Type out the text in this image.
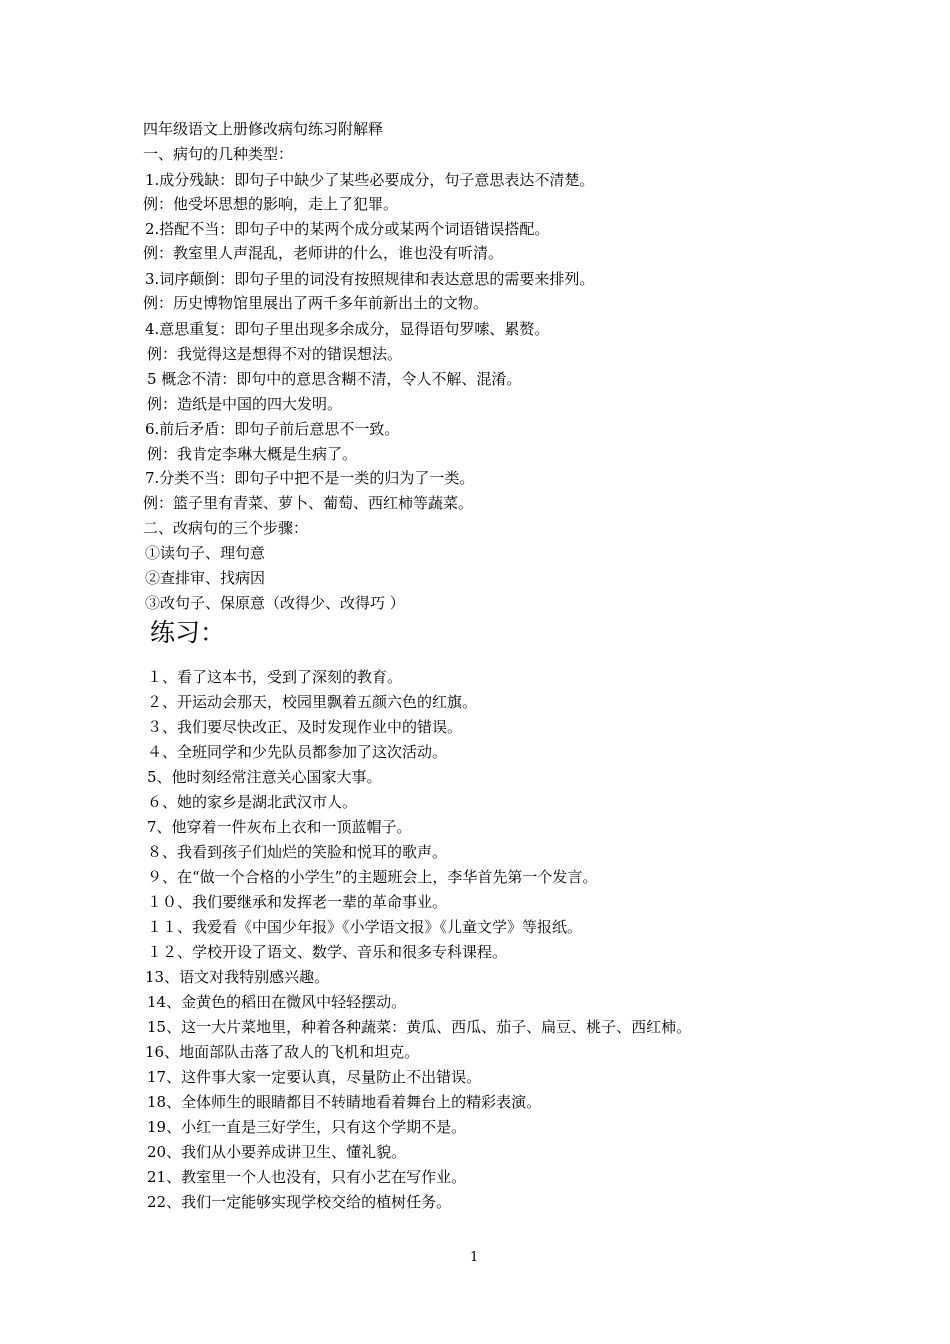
四年级语文上册修改病句练习附解释
一、病句的几种类型：
1.成分残缺：即句子中缺少了某些必要成分，句子意思表达不清楚。
例：他受坏思想的影响，走上了犯罪。
2.搭配不当：即句子中的某两个成分或某两个词语错误搭配。
例：教室里人声混乱，老师讲的什么，谁也没有听清。
3.词序颠倒：即句子里的词没有按照规律和表达意思的需要来排列。
例：历史博物馆里展出了两千多年前新出土的文物。
4.意思重复：即句子里出现多余成分，显得语句罗嗦、累赘。
例：我觉得这是想得不对的错误想法。
5 概念不清：即句中的意思含糊不清，令人不解、混淆。
例：造纸是中国的四大发明。
6.前后矛盾：即句子前后意思不一致。
例：我肯定李琳大概是生病了。
7.分类不当：即句子中把不是一类的归为了一类。
例：篮子里有青菜、萝卜、葡萄、西红柿等蔬菜。
二、改病句的三个步骤：
①读句子、理句意
②查排审、找病因
③改句子、保原意（改得少、改得巧 ）
练习：
１、看了这本书，受到了深刻的教育。
２、开运动会那天，校园里飘着五颜六色的红旗。
３、我们要尽快改正、及时发现作业中的错误。
４、全班同学和少先队员都参加了这次活动。
5、他时刻经常注意关心国家大事。
６、她的家乡是湖北武汉市人。
7、他穿着一件灰布上衣和一顶蓝帽子。
８、我看到孩子们灿烂的笑脸和悦耳的歌声。
９、在“做一个合格的小学生”的主题班会上，李华首先第一个发言。
１０、我们要继承和发挥老一辈的革命事业。
１１、我爱看《中国少年报》《小学语文报》《儿童文学》等报纸。
１２、学校开设了语文、数学、音乐和很多专科课程。
13、语文对我特别感兴趣。
14、金黄色的稻田在微风中轻轻摆动。
15、这一大片菜地里，种着各种蔬菜：黄瓜、西瓜、茄子、扁豆、桃子、西红柿。
16、地面部队击落了敌人的飞机和坦克。
17、这件事大家一定要认真，尽量防止不出错误。
18、全体师生的眼睛都目不转睛地看着舞台上的精彩表演。
19、小红一直是三好学生，只有这个学期不是。
20、我们从小要养成讲卫生、懂礼貌。
21、教室里一个人也没有，只有小艺在写作业。
22、我们一定能够实现学校交给的植树任务。
1
